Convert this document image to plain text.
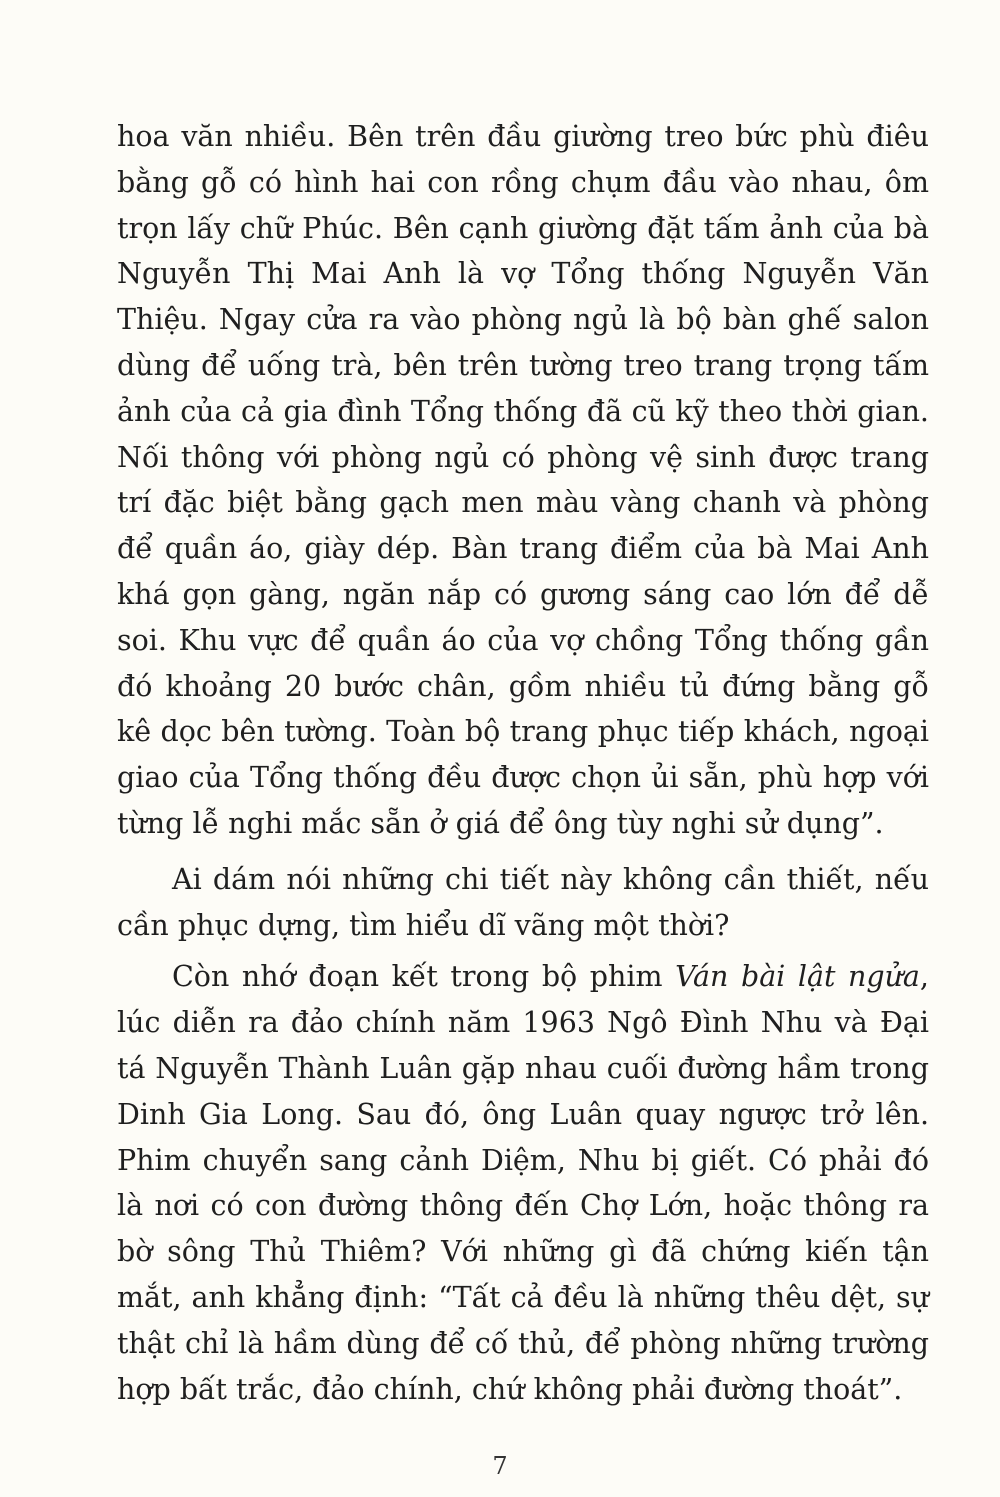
hoa văn nhiều. Bên trên đầu giường treo bức phù điêu bằng gỗ có hình hai con rồng chụm đầu vào nhau, ôm trọn lấy chữ Phúc. Bên cạnh giường đặt tấm ảnh của bà Nguyễn Thị Mai Anh là vợ Tổng thống Nguyễn Văn Thiệu. Ngay cửa ra vào phòng ngủ là bộ bàn ghế salon dùng để uống trà, bên trên tường treo trang trọng tấm ảnh của cả gia đình Tổng thống đã cũ kỹ theo thời gian. Nối thông với phòng ngủ có phòng vệ sinh được trang trí đặc biệt bằng gạch men màu vàng chanh và phòng để quần áo, giày dép. Bàn trang điểm của bà Mai Anh khá gọn gàng, ngăn nắp có gương sáng cao lớn để dễ soi. Khu vực để quần áo của vợ chồng Tổng thống gần đó khoảng 20 bước chân, gồm nhiều tủ đứng bằng gỗ kê dọc bên tường. Toàn bộ trang phục tiếp khách, ngoại giao của Tổng thống đều được chọn ủi sẵn, phù hợp với từng lễ nghi mắc sẵn ở giá để ông tùy nghi sử dụng”.

Ai dám nói những chi tiết này không cần thiết, nếu cần phục dựng, tìm hiểu dĩ vãng một thời?

Còn nhớ đoạn kết trong bộ phim Ván bài lật ngửa, lúc diễn ra đảo chính năm 1963 Ngô Đình Nhu và Đại tá Nguyễn Thành Luân gặp nhau cuối đường hầm trong Dinh Gia Long. Sau đó, ông Luân quay ngược trở lên. Phim chuyển sang cảnh Diệm, Nhu bị giết. Có phải đó là nơi có con đường thông đến Chợ Lớn, hoặc thông ra bờ sông Thủ Thiêm? Với những gì đã chứng kiến tận mắt, anh khẳng định: “Tất cả đều là những thêu dệt, sự thật chỉ là hầm dùng để cố thủ, để phòng những trường hợp bất trắc, đảo chính, chứ không phải đường thoát”.

7
